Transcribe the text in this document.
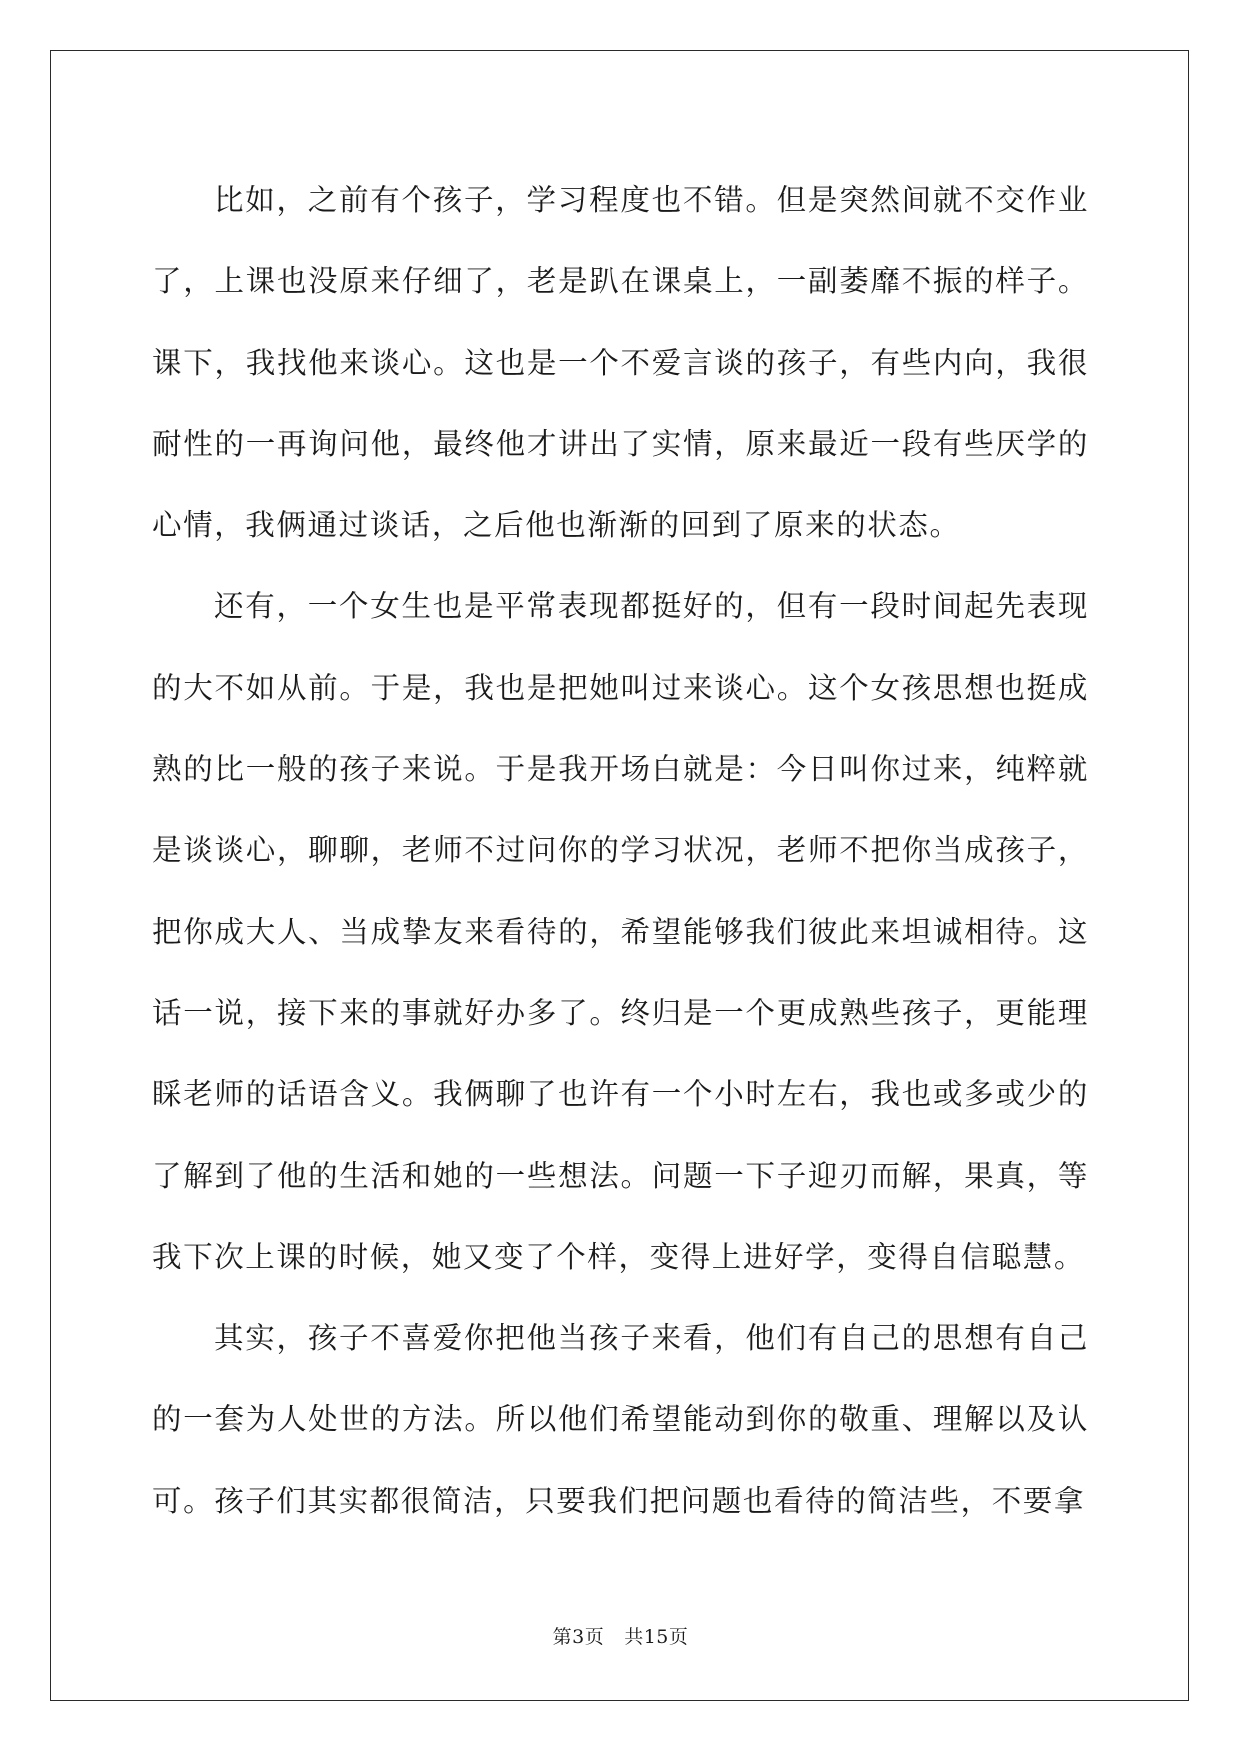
比如，之前有个孩子，学习程度也不错。但是突然间就不交作业了，上课也没原来仔细了，老是趴在课桌上，一副萎靡不振的样子。课下，我找他来谈心。这也是一个不爱言谈的孩子，有些内向，我很耐性的一再询问他，最终他才讲出了实情，原来最近一段有些厌学的心情，我俩通过谈话，之后他也渐渐的回到了原来的状态。

还有，一个女生也是平常表现都挺好的，但有一段时间起先表现的大不如从前。于是，我也是把她叫过来谈心。这个女孩思想也挺成熟的比一般的孩子来说。于是我开场白就是：今日叫你过来，纯粹就是谈谈心，聊聊，老师不过问你的学习状况，老师不把你当成孩子，把你成大人、当成挚友来看待的，希望能够我们彼此来坦诚相待。这话一说，接下来的事就好办多了。终归是一个更成熟些孩子，更能理睬老师的话语含义。我俩聊了也许有一个小时左右，我也或多或少的了解到了他的生活和她的一些想法。问题一下子迎刃而解，果真，等我下次上课的时候，她又变了个样，变得上进好学，变得自信聪慧。

其实，孩子不喜爱你把他当孩子来看，他们有自己的思想有自己的一套为人处世的方法。所以他们希望能动到你的敬重、理解以及认可。孩子们其实都很简洁，只要我们把问题也看待的简洁些，不要拿

第3页 共15页
